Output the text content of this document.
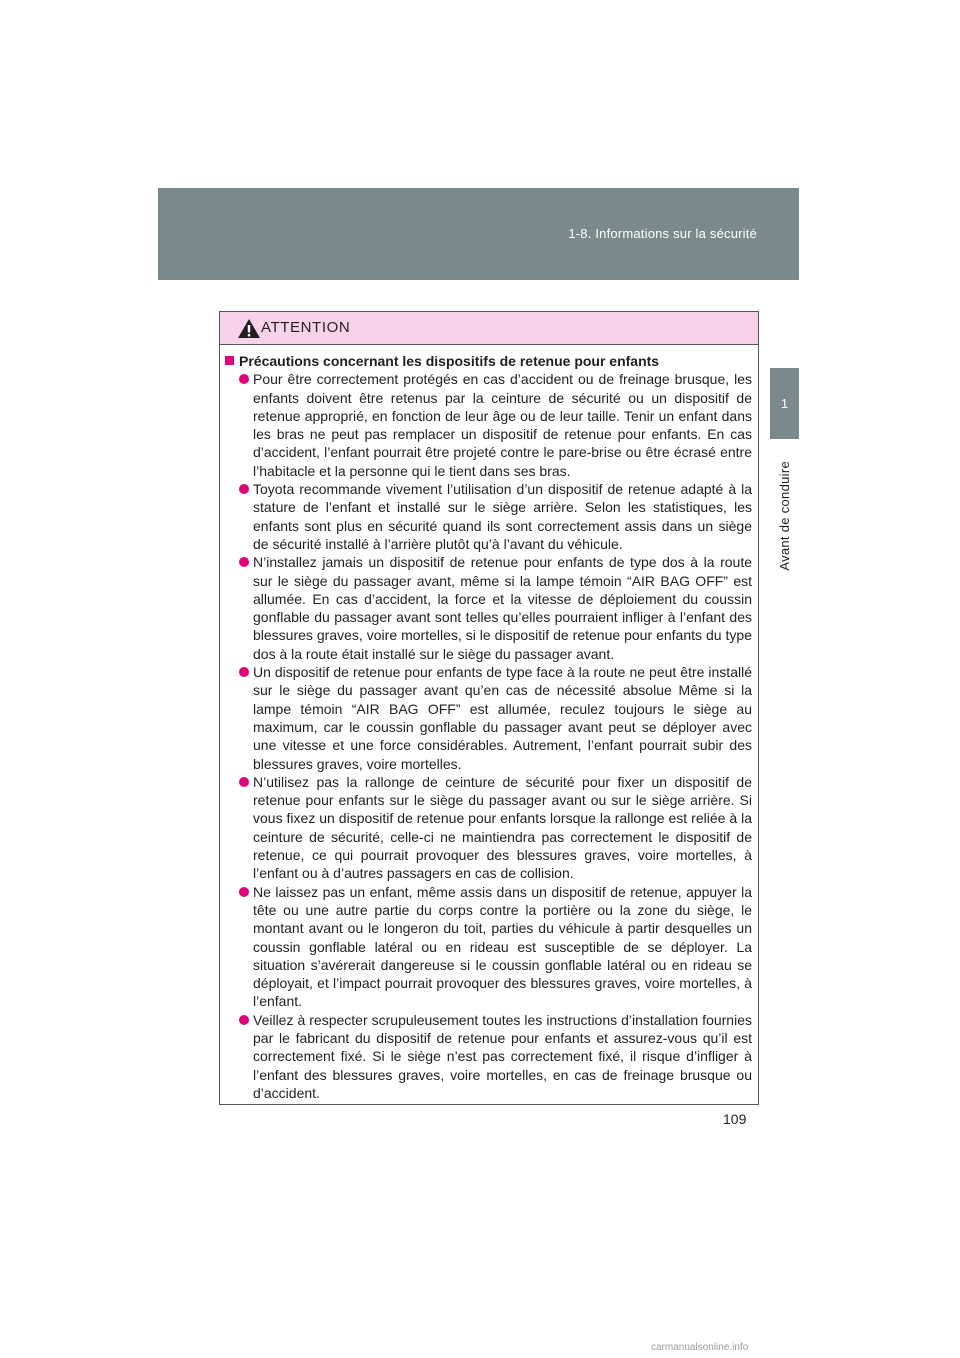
1-8. Informations sur la sécurité
1
Avant de conduire
ATTENTION
Précautions concernant les dispositifs de retenue pour enfants
Pour être correctement protégés en cas d’accident ou de freinage brusque, les enfants doivent être retenus par la ceinture de sécurité ou un dispositif de retenue approprié, en fonction de leur âge ou de leur taille. Tenir un enfant dans les bras ne peut pas remplacer un dispositif de retenue pour enfants. En cas d’accident, l’enfant pourrait être projeté contre le pare-brise ou être écrasé entre l’habitacle et la personne qui le tient dans ses bras.
Toyota recommande vivement l’utilisation d’un dispositif de retenue adapté à la stature de l’enfant et installé sur le siège arrière. Selon les statistiques, les enfants sont plus en sécurité quand ils sont correctement assis dans un siège de sécurité installé à l’arrière plutôt qu’à l’avant du véhicule.
N’installez jamais un dispositif de retenue pour enfants de type dos à la route sur le siège du passager avant, même si la lampe témoin “AIR BAG OFF” est allumée. En cas d’accident, la force et la vitesse de déploiement du coussin gonflable du passager avant sont telles qu’elles pourraient infliger à l’enfant des blessures graves, voire mortelles, si le dispositif de retenue pour enfants du type dos à la route était installé sur le siège du passager avant.
Un dispositif de retenue pour enfants de type face à la route ne peut être installé sur le siège du passager avant qu’en cas de nécessité absolue Même si la lampe témoin “AIR BAG OFF” est allumée, reculez toujours le siège au maximum, car le coussin gonflable du passager avant peut se déployer avec une vitesse et une force considérables. Autrement, l’enfant pourrait subir des blessures graves, voire mortelles.
N’utilisez pas la rallonge de ceinture de sécurité pour fixer un dispositif de retenue pour enfants sur le siège du passager avant ou sur le siège arrière. Si vous fixez un dispositif de retenue pour enfants lorsque la rallonge est reliée à la ceinture de sécurité, celle-ci ne maintiendra pas correctement le dispositif de retenue, ce qui pourrait provoquer des blessures graves, voire mortelles, à l’enfant ou à d’autres passagers en cas de collision.
Ne laissez pas un enfant, même assis dans un dispositif de retenue, appuyer la tête ou une autre partie du corps contre la portière ou la zone du siège, le montant avant ou le longeron du toit, parties du véhicule à partir desquelles un coussin gonflable latéral ou en rideau est susceptible de se déployer. La situation s’avérerait dangereuse si le coussin gonflable latéral ou en rideau se déployait, et l’impact pourrait provoquer des blessures graves, voire mortelles, à l’enfant.
Veillez à respecter scrupuleusement toutes les instructions d’installation fournies par le fabricant du dispositif de retenue pour enfants et assurez-vous qu’il est correctement fixé. Si le siège n’est pas correctement fixé, il risque d’infliger à l’enfant des blessures graves, voire mortelles, en cas de freinage brusque ou d’accident.
109
carmanualsonline.info
